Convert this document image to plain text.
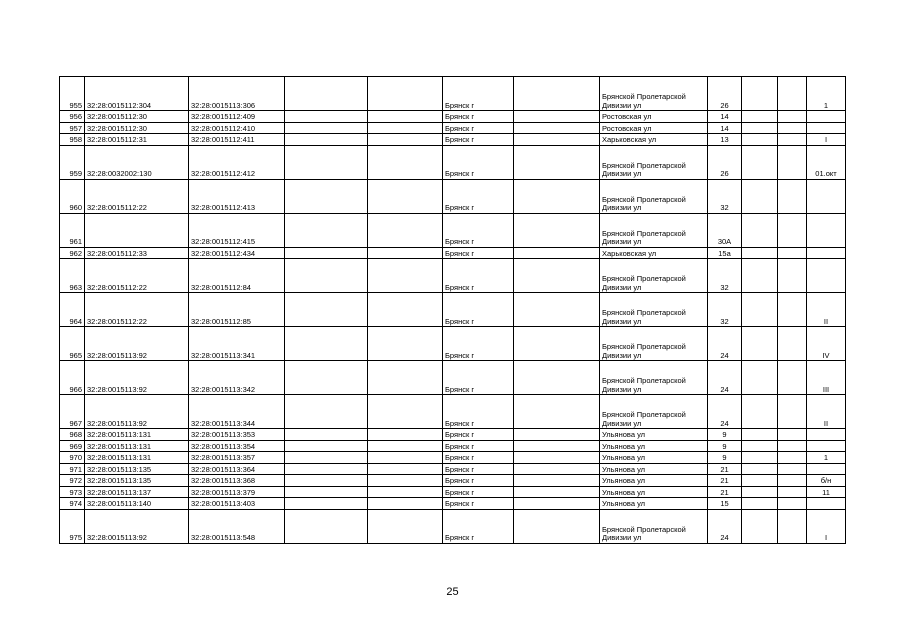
955	32:28:0015112:304	32:28:0015113:306			Брянск г		Брянской Пролетарской Дивизии ул	26			1
956	32:28:0015112:30	32:28:0015112:409			Брянск г		Ростовская ул	14			
957	32:28:0015112:30	32:28:0015112:410			Брянск г		Ростовская ул	14			
958	32:28:0015112:31	32:28:0015112:411			Брянск г		Харьковская ул	13			I
959	32:28:0032002:130	32:28:0015112:412			Брянск г		Брянской Пролетарской Дивизии ул	26			01.окт
960	32:28:0015112:22	32:28:0015112:413			Брянск г		Брянской Пролетарской Дивизии ул	32			
961		32:28:0015112:415			Брянск г		Брянской Пролетарской Дивизии ул	30А			
962	32:28:0015112:33	32:28:0015112:434			Брянск г		Харьковская ул	15а			
963	32:28:0015112:22	32:28:0015112:84			Брянск г		Брянской Пролетарской Дивизии ул	32			
964	32:28:0015112:22	32:28:0015112:85			Брянск г		Брянской Пролетарской Дивизии ул	32			II
965	32:28:0015113:92	32:28:0015113:341			Брянск г		Брянской Пролетарской Дивизии ул	24			IV
966	32:28:0015113:92	32:28:0015113:342			Брянск г		Брянской Пролетарской Дивизии ул	24			III
967	32:28:0015113:92	32:28:0015113:344			Брянск г		Брянской Пролетарской Дивизии ул	24			II
968	32:28:0015113:131	32:28:0015113:353			Брянск г		Ульянова ул	9			
969	32:28:0015113:131	32:28:0015113:354			Брянск г		Ульянова ул	9			
970	32:28:0015113:131	32:28:0015113:357			Брянск г		Ульянова ул	9			1
971	32:28:0015113:135	32:28:0015113:364			Брянск г		Ульянова ул	21			
972	32:28:0015113:135	32:28:0015113:368			Брянск г		Ульянова ул	21			б/н
973	32:28:0015113:137	32:28:0015113:379			Брянск г		Ульянова ул	21			11
974	32:28:0015113:140	32:28:0015113:403			Брянск г		Ульянова ул	15			
975	32:28:0015113:92	32:28:0015113:548			Брянск г		Брянской Пролетарской Дивизии ул	24			I
25
